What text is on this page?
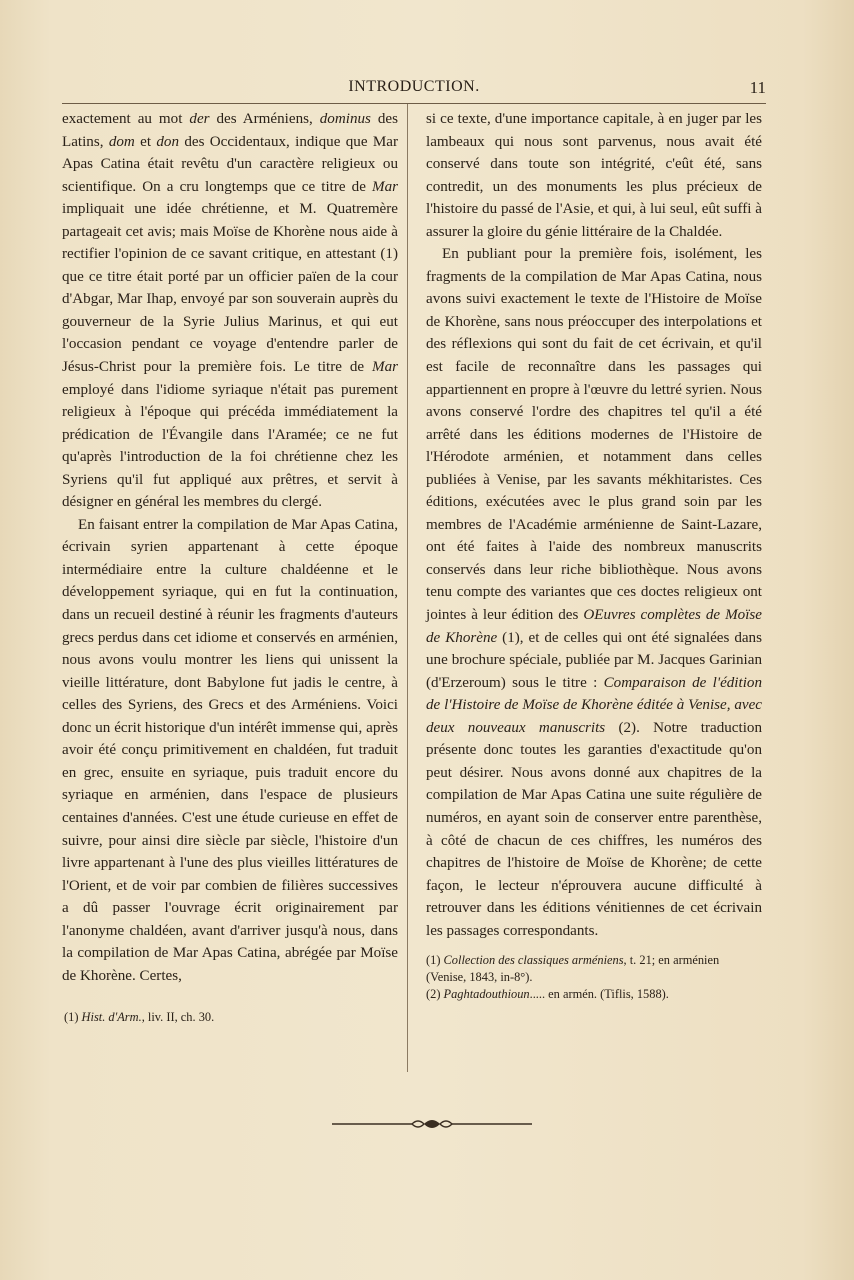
INTRODUCTION.	11

exactement au mot der des Arméniens, dominus des Latins, dom et don des Occidentaux, indique que Mar Apas Catina était revêtu d'un caractère religieux ou scientifique. On a cru longtemps que ce titre de Mar impliquait une idée chrétienne, et M. Quatremère partageait cet avis; mais Moïse de Khorène nous aide à rectifier l'opinion de ce savant critique, en attestant (1) que ce titre était porté par un officier païen de la cour d'Abgar, Mar Ihap, envoyé par son souverain auprès du gouverneur de la Syrie Julius Marinus, et qui eut l'occasion pendant ce voyage d'entendre parler de Jésus-Christ pour la première fois. Le titre de Mar employé dans l'idiome syriaque n'était pas purement religieux à l'époque qui précéda immédiatement la prédication de l'Évangile dans l'Aramée; ce ne fut qu'après l'introduction de la foi chrétienne chez les Syriens qu'il fut appliqué aux prêtres, et servit à désigner en général les membres du clergé.

En faisant entrer la compilation de Mar Apas Catina, écrivain syrien appartenant à cette époque intermédiaire entre la culture chaldéenne et le développement syriaque, qui en fut la continuation, dans un recueil destiné à réunir les fragments d'auteurs grecs perdus dans cet idiome et conservés en arménien, nous avons voulu montrer les liens qui unissent la vieille littérature, dont Babylone fut jadis le centre, à celles des Syriens, des Grecs et des Arméniens. Voici donc un écrit historique d'un intérêt immense qui, après avoir été conçu primitivement en chaldéen, fut traduit en grec, ensuite en syriaque, puis traduit encore du syriaque en arménien, dans l'espace de plusieurs centaines d'années. C'est une étude curieuse en effet de suivre, pour ainsi dire siècle par siècle, l'histoire d'un livre appartenant à l'une des plus vieilles littératures de l'Orient, et de voir par combien de filières successives a dû passer l'ouvrage écrit originairement par l'anonyme chaldéen, avant d'arriver jusqu'à nous, dans la compilation de Mar Apas Catina, abrégée par Moïse de Khorène. Certes,

(1) Hist. d'Arm., liv. II, ch. 30.

si ce texte, d'une importance capitale, à en juger par les lambeaux qui nous sont parvenus, nous avait été conservé dans toute son intégrité, c'eût été, sans contredit, un des monuments les plus précieux de l'histoire du passé de l'Asie, et qui, à lui seul, eût suffi à assurer la gloire du génie littéraire de la Chaldée.

En publiant pour la première fois, isolément, les fragments de la compilation de Mar Apas Catina, nous avons suivi exactement le texte de l'Histoire de Moïse de Khorène, sans nous préoccuper des interpolations et des réflexions qui sont du fait de cet écrivain, et qu'il est facile de reconnaître dans les passages qui appartiennent en propre à l'œuvre du lettré syrien. Nous avons conservé l'ordre des chapitres tel qu'il a été arrêté dans les éditions modernes de l'Histoire de l'Hérodote arménien, et notamment dans celles publiées à Venise, par les savants mékhitaristes. Ces éditions, exécutées avec le plus grand soin par les membres de l'Académie arménienne de Saint-Lazare, ont été faites à l'aide des nombreux manuscrits conservés dans leur riche bibliothèque. Nous avons tenu compte des variantes que ces doctes religieux ont jointes à leur édition des OEuvres complètes de Moïse de Khorène (1), et de celles qui ont été signalées dans une brochure spéciale, publiée par M. Jacques Garinian (d'Erzeroum) sous le titre : Comparaison de l'édition de l'Histoire de Moïse de Khorène éditée à Venise, avec deux nouveaux manuscrits (2). Notre traduction présente donc toutes les garanties d'exactitude qu'on peut désirer. Nous avons donné aux chapitres de la compilation de Mar Apas Catina une suite régulière de numéros, en ayant soin de conserver entre parenthèse, à côté de chacun de ces chiffres, les numéros des chapitres de l'histoire de Moïse de Khorène; de cette façon, le lecteur n'éprouvera aucune difficulté à retrouver dans les éditions vénitiennes de cet écrivain les passages correspondants.

(1) Collection des classiques arméniens, t. 21; en arménien (Venise, 1843, in-8°).

(2) Paghtadouthioun..... en armén. (Tiflis, 1588).
